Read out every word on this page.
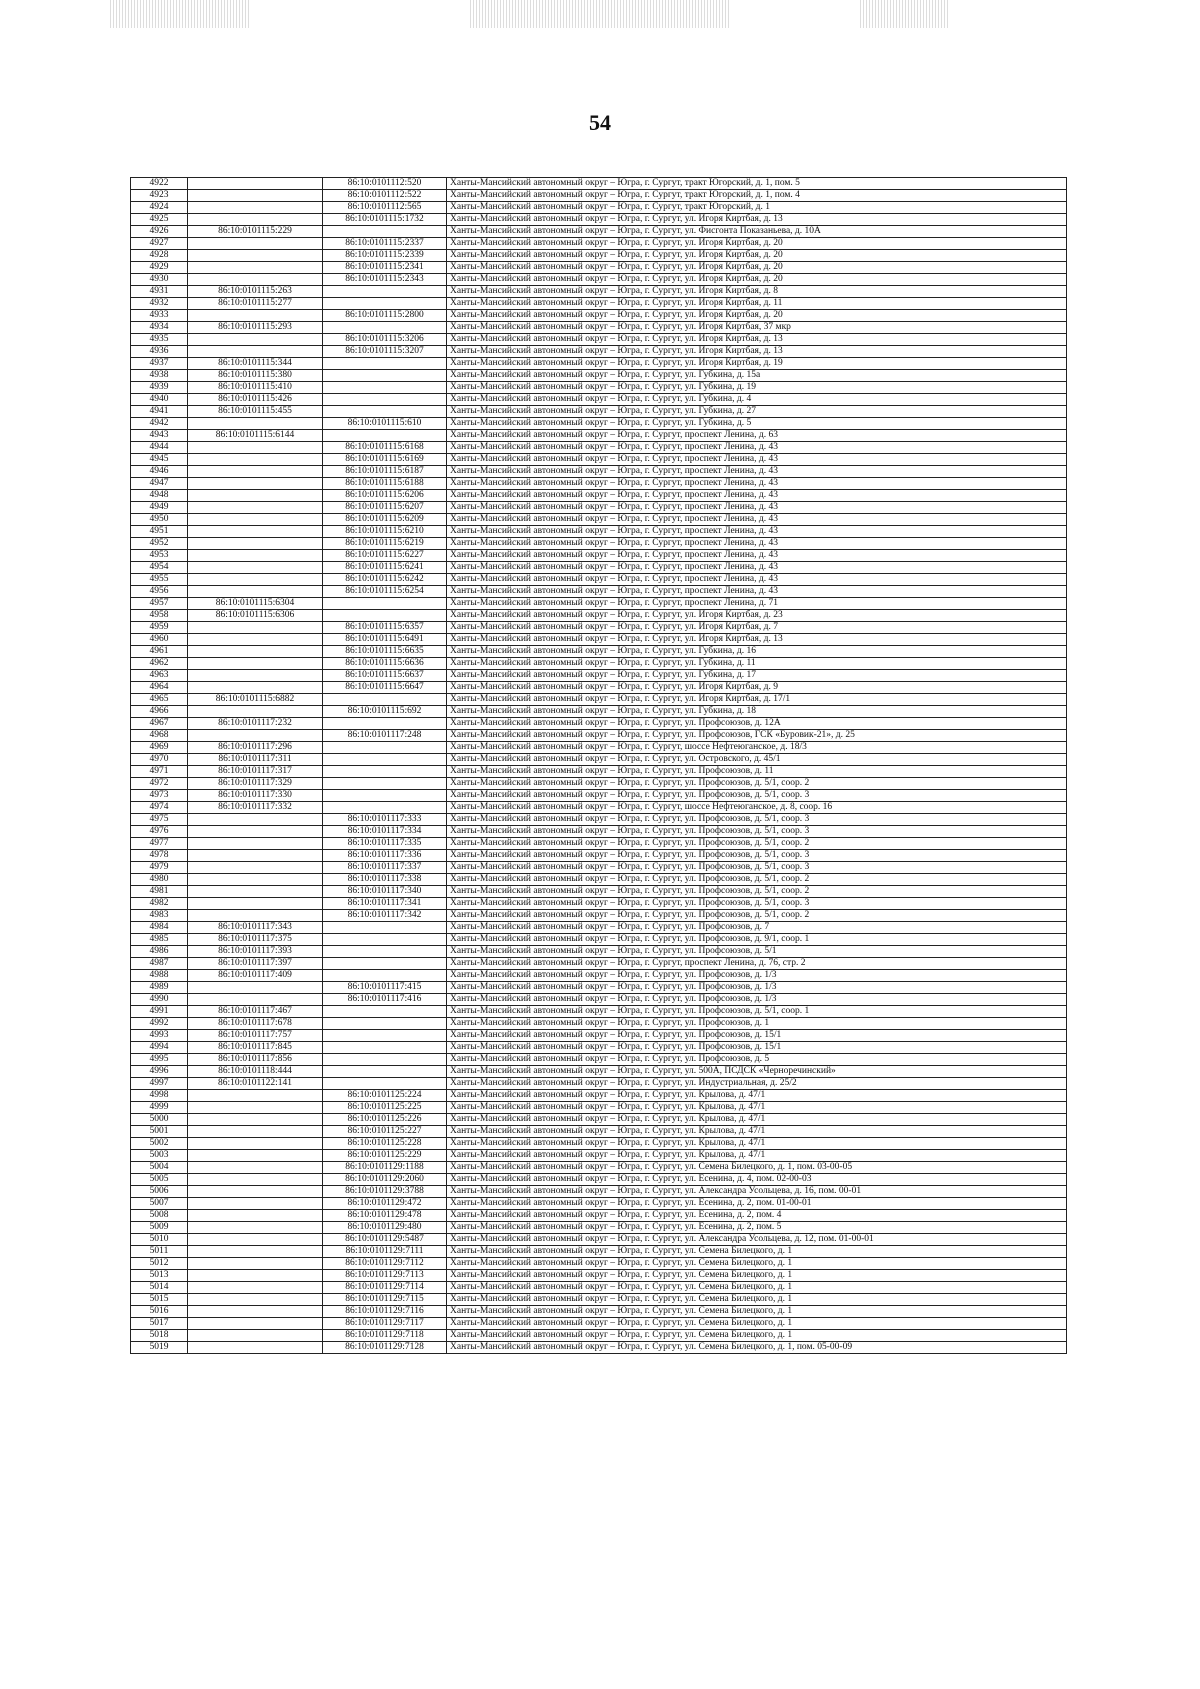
54
4922		86:10:0101112:520	Ханты-Мансийский автономный округ – Югра, г. Сургут, тракт Югорский, д. 1, пом. 5
4923		86:10:0101112:522	Ханты-Мансийский автономный округ – Югра, г. Сургут, тракт Югорский, д. 1, пом. 4
4924		86:10:0101112:565	Ханты-Мансийский автономный округ – Югра, г. Сургут, тракт Югорский, д. 1
4925		86:10:0101115:1732	Ханты-Мансийский автономный округ – Югра, г. Сургут, ул. Игоря Киртбая, д. 13
4926	86:10:0101115:229		Ханты-Мансийский автономный округ – Югра, г. Сургут, ул. Фисгонта Показаньева, д. 10А
4927		86:10:0101115:2337	Ханты-Мансийский автономный округ – Югра, г. Сургут, ул. Игоря Киртбая, д. 20
4928		86:10:0101115:2339	Ханты-Мансийский автономный округ – Югра, г. Сургут, ул. Игоря Киртбая, д. 20
4929		86:10:0101115:2341	Ханты-Мансийский автономный округ – Югра, г. Сургут, ул. Игоря Киртбая, д. 20
4930		86:10:0101115:2343	Ханты-Мансийский автономный округ – Югра, г. Сургут, ул. Игоря Киртбая, д. 20
4931	86:10:0101115:263		Ханты-Мансийский автономный округ – Югра, г. Сургут, ул. Игоря Киртбая, д. 8
4932	86:10:0101115:277		Ханты-Мансийский автономный округ – Югра, г. Сургут, ул. Игоря Киртбая, д. 11
4933		86:10:0101115:2800	Ханты-Мансийский автономный округ – Югра, г. Сургут, ул. Игоря Киртбая, д. 20
4934	86:10:0101115:293		Ханты-Мансийский автономный округ – Югра, г. Сургут, ул. Игоря Киртбая, 37 мкр
4935		86:10:0101115:3206	Ханты-Мансийский автономный округ – Югра, г. Сургут, ул. Игоря Киртбая, д. 13
4936		86:10:0101115:3207	Ханты-Мансийский автономный округ – Югра, г. Сургут, ул. Игоря Киртбая, д. 13
4937	86:10:0101115:344		Ханты-Мансийский автономный округ – Югра, г. Сургут, ул. Игоря Киртбая, д. 19
4938	86:10:0101115:380		Ханты-Мансийский автономный округ – Югра, г. Сургут, ул. Губкина, д. 15а
4939	86:10:0101115:410		Ханты-Мансийский автономный округ – Югра, г. Сургут, ул. Губкина, д. 19
4940	86:10:0101115:426		Ханты-Мансийский автономный округ – Югра, г. Сургут, ул. Губкина, д. 4
4941	86:10:0101115:455		Ханты-Мансийский автономный округ – Югра, г. Сургут, ул. Губкина, д. 27
4942		86:10:0101115:610	Ханты-Мансийский автономный округ – Югра, г. Сургут, ул. Губкина, д. 5
4943	86:10:0101115:6144		Ханты-Мансийский автономный округ – Югра, г. Сургут, проспект Ленина, д. 63
4944		86:10:0101115:6168	Ханты-Мансийский автономный округ – Югра, г. Сургут, проспект Ленина, д. 43
4945		86:10:0101115:6169	Ханты-Мансийский автономный округ – Югра, г. Сургут, проспект Ленина, д. 43
4946		86:10:0101115:6187	Ханты-Мансийский автономный округ – Югра, г. Сургут, проспект Ленина, д. 43
4947		86:10:0101115:6188	Ханты-Мансийский автономный округ – Югра, г. Сургут, проспект Ленина, д. 43
4948		86:10:0101115:6206	Ханты-Мансийский автономный округ – Югра, г. Сургут, проспект Ленина, д. 43
4949		86:10:0101115:6207	Ханты-Мансийский автономный округ – Югра, г. Сургут, проспект Ленина, д. 43
4950		86:10:0101115:6209	Ханты-Мансийский автономный округ – Югра, г. Сургут, проспект Ленина, д. 43
4951		86:10:0101115:6210	Ханты-Мансийский автономный округ – Югра, г. Сургут, проспект Ленина, д. 43
4952		86:10:0101115:6219	Ханты-Мансийский автономный округ – Югра, г. Сургут, проспект Ленина, д. 43
4953		86:10:0101115:6227	Ханты-Мансийский автономный округ – Югра, г. Сургут, проспект Ленина, д. 43
4954		86:10:0101115:6241	Ханты-Мансийский автономный округ – Югра, г. Сургут, проспект Ленина, д. 43
4955		86:10:0101115:6242	Ханты-Мансийский автономный округ – Югра, г. Сургут, проспект Ленина, д. 43
4956		86:10:0101115:6254	Ханты-Мансийский автономный округ – Югра, г. Сургут, проспект Ленина, д. 43
4957	86:10:0101115:6304		Ханты-Мансийский автономный округ – Югра, г. Сургут, проспект Ленина, д. 71
4958	86:10:0101115:6306		Ханты-Мансийский автономный округ – Югра, г. Сургут, ул. Игоря Киртбая, д. 23
4959		86:10:0101115:6357	Ханты-Мансийский автономный округ – Югра, г. Сургут, ул. Игоря Киртбая, д. 7
4960		86:10:0101115:6491	Ханты-Мансийский автономный округ – Югра, г. Сургут, ул. Игоря Киртбая, д. 13
4961		86:10:0101115:6635	Ханты-Мансийский автономный округ – Югра, г. Сургут, ул. Губкина, д. 16
4962		86:10:0101115:6636	Ханты-Мансийский автономный округ – Югра, г. Сургут, ул. Губкина, д. 11
4963		86:10:0101115:6637	Ханты-Мансийский автономный округ – Югра, г. Сургут, ул. Губкина, д. 17
4964		86:10:0101115:6647	Ханты-Мансийский автономный округ – Югра, г. Сургут, ул. Игоря Киртбая, д. 9
4965	86:10:0101115:6882		Ханты-Мансийский автономный округ – Югра, г. Сургут, ул. Игоря Киртбая, д. 17/1
4966		86:10:0101115:692	Ханты-Мансийский автономный округ – Югра, г. Сургут, ул. Губкина, д. 18
4967	86:10:0101117:232		Ханты-Мансийский автономный округ – Югра, г. Сургут, ул. Профсоюзов, д. 12А
4968		86:10:0101117:248	Ханты-Мансийский автономный округ – Югра, г. Сургут, ул. Профсоюзов, ГСК «Буровик-21», д. 25
4969	86:10:0101117:296		Ханты-Мансийский автономный округ – Югра, г. Сургут, шоссе Нефтеюганское, д. 18/3
4970	86:10:0101117:311		Ханты-Мансийский автономный округ – Югра, г. Сургут, ул. Островского, д. 45/1
4971	86:10:0101117:317		Ханты-Мансийский автономный округ – Югра, г. Сургут, ул. Профсоюзов, д. 11
4972	86:10:0101117:329		Ханты-Мансийский автономный округ – Югра, г. Сургут, ул. Профсоюзов, д. 5/1, соор. 2
4973	86:10:0101117:330		Ханты-Мансийский автономный округ – Югра, г. Сургут, ул. Профсоюзов, д. 5/1, соор. 3
4974	86:10:0101117:332		Ханты-Мансийский автономный округ – Югра, г. Сургут, шоссе Нефтеюганское, д. 8, соор. 16
4975		86:10:0101117:333	Ханты-Мансийский автономный округ – Югра, г. Сургут, ул. Профсоюзов, д. 5/1, соор. 3
4976		86:10:0101117:334	Ханты-Мансийский автономный округ – Югра, г. Сургут, ул. Профсоюзов, д. 5/1, соор. 3
4977		86:10:0101117:335	Ханты-Мансийский автономный округ – Югра, г. Сургут, ул. Профсоюзов, д. 5/1, соор. 2
4978		86:10:0101117:336	Ханты-Мансийский автономный округ – Югра, г. Сургут, ул. Профсоюзов, д. 5/1, соор. 3
4979		86:10:0101117:337	Ханты-Мансийский автономный округ – Югра, г. Сургут, ул. Профсоюзов, д. 5/1, соор. 3
4980		86:10:0101117:338	Ханты-Мансийский автономный округ – Югра, г. Сургут, ул. Профсоюзов, д. 5/1, соор. 2
4981		86:10:0101117:340	Ханты-Мансийский автономный округ – Югра, г. Сургут, ул. Профсоюзов, д. 5/1, соор. 2
4982		86:10:0101117:341	Ханты-Мансийский автономный округ – Югра, г. Сургут, ул. Профсоюзов, д. 5/1, соор. 3
4983		86:10:0101117:342	Ханты-Мансийский автономный округ – Югра, г. Сургут, ул. Профсоюзов, д. 5/1, соор. 2
4984	86:10:0101117:343		Ханты-Мансийский автономный округ – Югра, г. Сургут, ул. Профсоюзов, д. 7
4985	86:10:0101117:375		Ханты-Мансийский автономный округ – Югра, г. Сургут, ул. Профсоюзов, д. 9/1, соор. 1
4986	86:10:0101117:393		Ханты-Мансийский автономный округ – Югра, г. Сургут, ул. Профсоюзов, д. 5/1
4987	86:10:0101117:397		Ханты-Мансийский автономный округ – Югра, г. Сургут, проспект Ленина, д. 76, стр. 2
4988	86:10:0101117:409		Ханты-Мансийский автономный округ – Югра, г. Сургут, ул. Профсоюзов, д. 1/3
4989		86:10:0101117:415	Ханты-Мансийский автономный округ – Югра, г. Сургут, ул. Профсоюзов, д. 1/3
4990		86:10:0101117:416	Ханты-Мансийский автономный округ – Югра, г. Сургут, ул. Профсоюзов, д. 1/3
4991	86:10:0101117:467		Ханты-Мансийский автономный округ – Югра, г. Сургут, ул. Профсоюзов, д. 5/1, соор. 1
4992	86:10:0101117:678		Ханты-Мансийский автономный округ – Югра, г. Сургут, ул. Профсоюзов, д. 1
4993	86:10:0101117:757		Ханты-Мансийский автономный округ – Югра, г. Сургут, ул. Профсоюзов, д. 15/1
4994	86:10:0101117:845		Ханты-Мансийский автономный округ – Югра, г. Сургут, ул. Профсоюзов, д. 15/1
4995	86:10:0101117:856		Ханты-Мансийский автономный округ – Югра, г. Сургут, ул. Профсоюзов, д. 5
4996	86:10:0101118:444		Ханты-Мансийский автономный округ – Югра, г. Сургут, ул. 500А, ПСДСК «Черноречинский»
4997	86:10:0101122:141		Ханты-Мансийский автономный округ – Югра, г. Сургут, ул. Индустриальная, д. 25/2
4998		86:10:0101125:224	Ханты-Мансийский автономный округ – Югра, г. Сургут, ул. Крылова, д. 47/1
4999		86:10:0101125:225	Ханты-Мансийский автономный округ – Югра, г. Сургут, ул. Крылова, д. 47/1
5000		86:10:0101125:226	Ханты-Мансийский автономный округ – Югра, г. Сургут, ул. Крылова, д. 47/1
5001		86:10:0101125:227	Ханты-Мансийский автономный округ – Югра, г. Сургут, ул. Крылова, д. 47/1
5002		86:10:0101125:228	Ханты-Мансийский автономный округ – Югра, г. Сургут, ул. Крылова, д. 47/1
5003		86:10:0101125:229	Ханты-Мансийский автономный округ – Югра, г. Сургут, ул. Крылова, д. 47/1
5004		86:10:0101129:1188	Ханты-Мансийский автономный округ – Югра, г. Сургут, ул. Семена Билецкого, д. 1, пом. 03-00-05
5005		86:10:0101129:2060	Ханты-Мансийский автономный округ – Югра, г. Сургут, ул. Есенина, д. 4, пом. 02-00-03
5006		86:10:0101129:3788	Ханты-Мансийский автономный округ – Югра, г. Сургут, ул. Александра Усольцева, д. 16, пом. 00-01
5007		86:10:0101129:472	Ханты-Мансийский автономный округ – Югра, г. Сургут, ул. Есенина, д. 2, пом. 01-00-01
5008		86:10:0101129:478	Ханты-Мансийский автономный округ – Югра, г. Сургут, ул. Есенина, д. 2, пом. 4
5009		86:10:0101129:480	Ханты-Мансийский автономный округ – Югра, г. Сургут, ул. Есенина, д. 2, пом. 5
5010		86:10:0101129:5487	Ханты-Мансийский автономный округ – Югра, г. Сургут, ул. Александра Усольцева, д. 12, пом. 01-00-01
5011		86:10:0101129:7111	Ханты-Мансийский автономный округ – Югра, г. Сургут, ул. Семена Билецкого, д. 1
5012		86:10:0101129:7112	Ханты-Мансийский автономный округ – Югра, г. Сургут, ул. Семена Билецкого, д. 1
5013		86:10:0101129:7113	Ханты-Мансийский автономный округ – Югра, г. Сургут, ул. Семена Билецкого, д. 1
5014		86:10:0101129:7114	Ханты-Мансийский автономный округ – Югра, г. Сургут, ул. Семена Билецкого, д. 1
5015		86:10:0101129:7115	Ханты-Мансийский автономный округ – Югра, г. Сургут, ул. Семена Билецкого, д. 1
5016		86:10:0101129:7116	Ханты-Мансийский автономный округ – Югра, г. Сургут, ул. Семена Билецкого, д. 1
5017		86:10:0101129:7117	Ханты-Мансийский автономный округ – Югра, г. Сургут, ул. Семена Билецкого, д. 1
5018		86:10:0101129:7118	Ханты-Мансийский автономный округ – Югра, г. Сургут, ул. Семена Билецкого, д. 1
5019		86:10:0101129:7128	Ханты-Мансийский автономный округ – Югра, г. Сургут, ул. Семена Билецкого, д. 1, пом. 05-00-09
